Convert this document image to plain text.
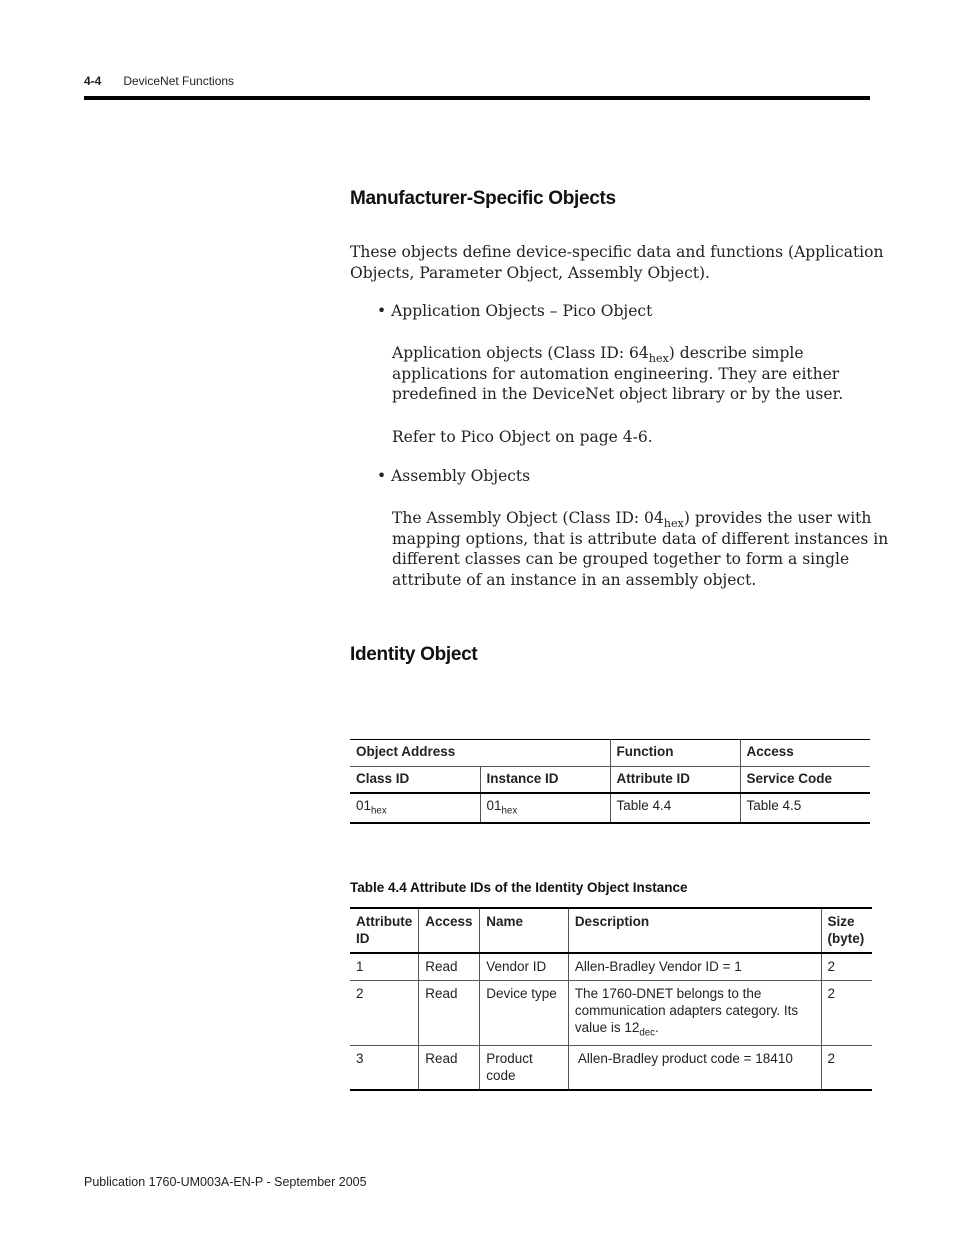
4-4 DeviceNet Functions
Manufacturer-Specific Objects

These objects define device-specific data and functions (Application
Objects, Parameter Object, Assembly Object).

• Application Objects – Pico Object

Application objects (Class ID: $64_{hex}$) describe simple
applications for automation engineering. They are either
predefined in the DeviceNet object library or by the user.

Refer to Pico Object on page 4-6.

• Assembly Objects

The Assembly Object (Class ID: $04_{hex}$) provides the user with
mapping options, that is attribute data of different instances in
different classes can be grouped together to form a single
attribute of an instance in an assembly object.

Identity Object
Object Address		Function	Access
Class ID	Instance ID	Attribute ID	Service Code
$01_{hex}$	$01_{hex}$	Table 4.4	Table 4.5
Table 4.4 Attribute IDs of the Identity Object Instance
Attribute
ID	Access	Name	Description	Size
(byte)
1	Read	Vendor ID	Allen-Bradley Vendor ID = 1	2
2	Read	Device type	The 1760-DNET belongs to the
communication adapters category. Its
value is $12_{dec}$.	2
3	Read	Product code	Allen-Bradley product code = 18410	2
Publication 1760-UM003A-EN-P - September 2005
